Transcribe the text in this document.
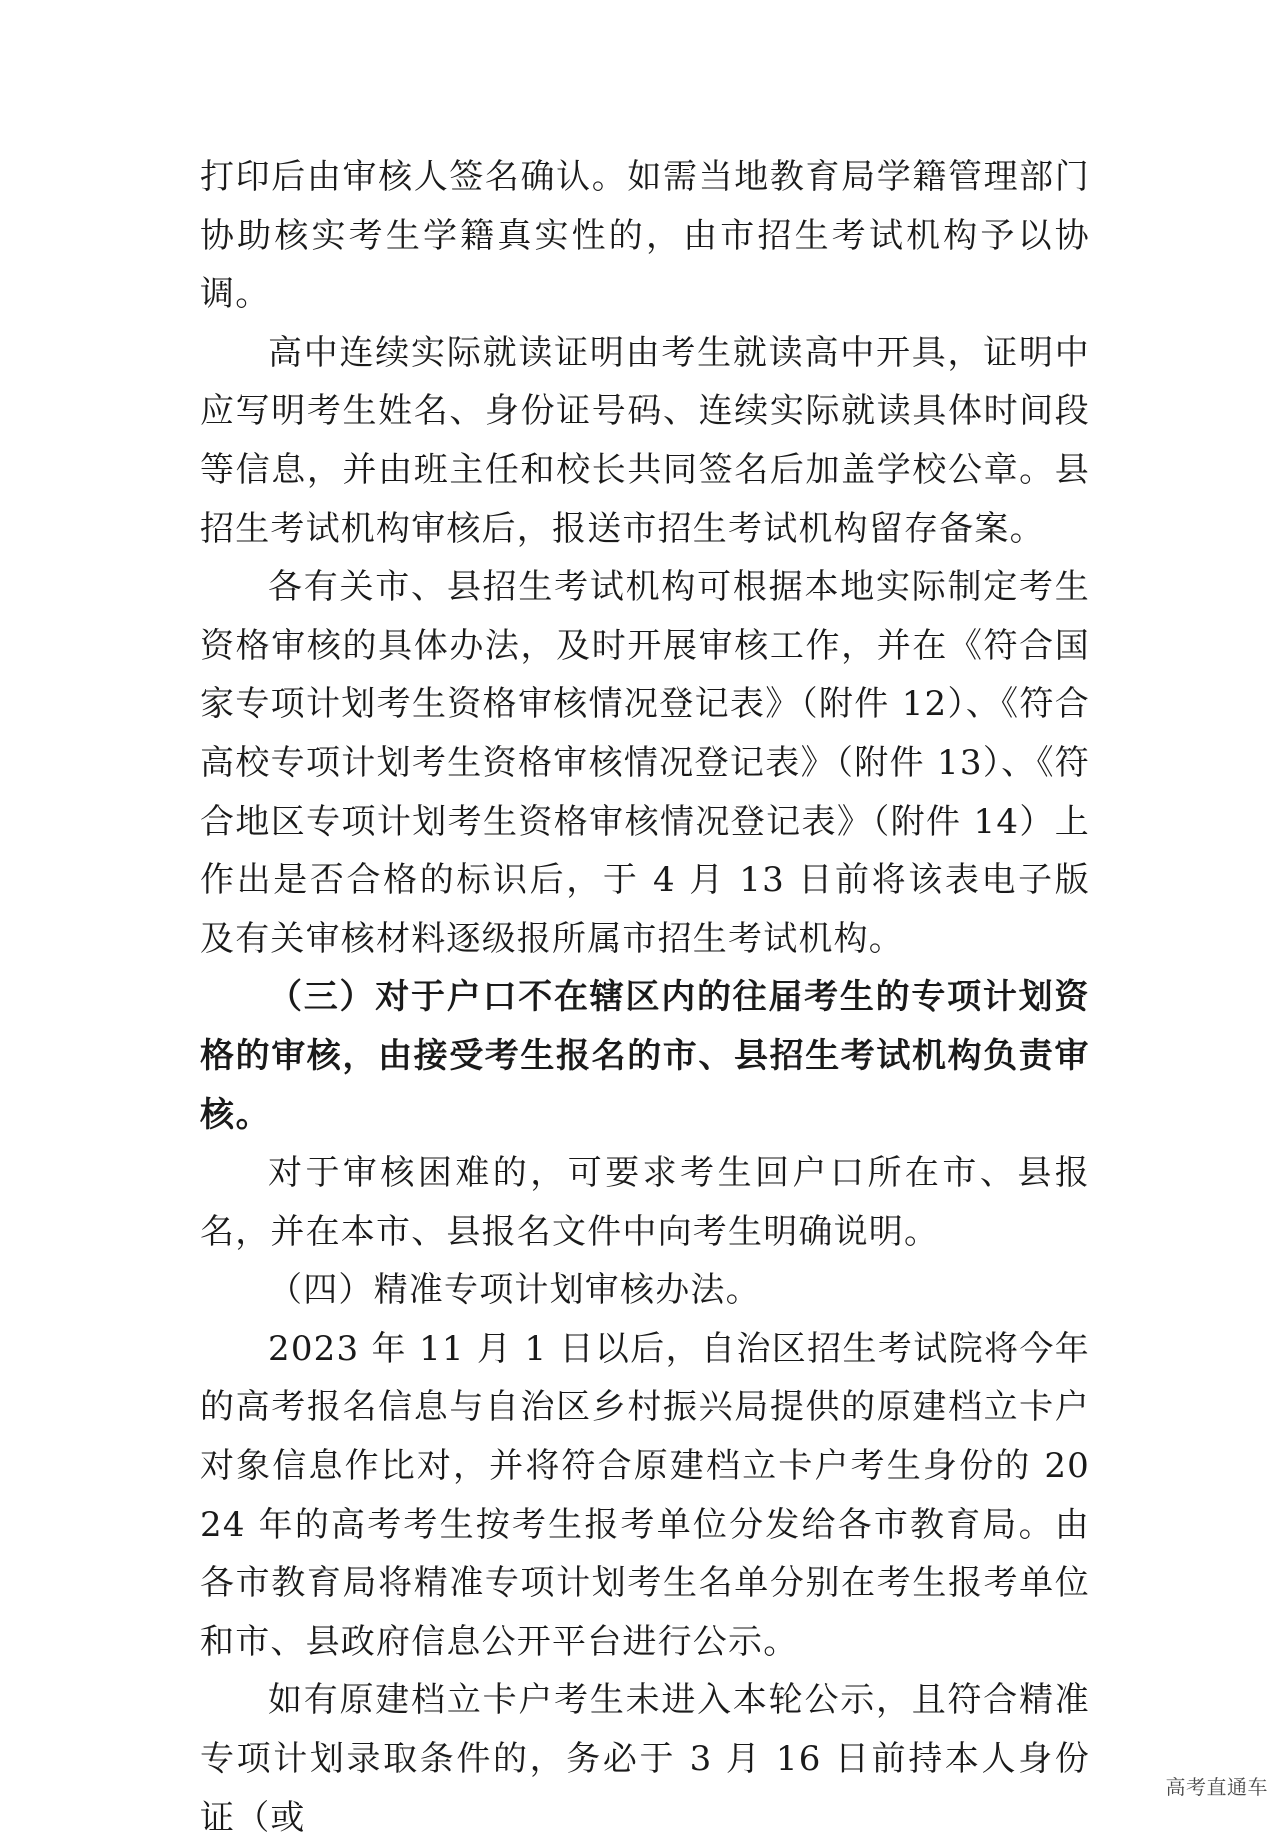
打印后由审核人签名确认。如需当地教育局学籍管理部门协助核实考生学籍真实性的，由市招生考试机构予以协调。

高中连续实际就读证明由考生就读高中开具，证明中应写明考生姓名、身份证号码、连续实际就读具体时间段等信息，并由班主任和校长共同签名后加盖学校公章。县招生考试机构审核后，报送市招生考试机构留存备案。

各有关市、县招生考试机构可根据本地实际制定考生资格审核的具体办法，及时开展审核工作，并在《符合国家专项计划考生资格审核情况登记表》（附件 12）、《符合高校专项计划考生资格审核情况登记表》（附件 13）、《符合地区专项计划考生资格审核情况登记表》（附件 14）上作出是否合格的标识后，于 4 月 13 日前将该表电子版及有关审核材料逐级报所属市招生考试机构。

（三）对于户口不在辖区内的往届考生的专项计划资格的审核，由接受考生报名的市、县招生考试机构负责审核。

对于审核困难的，可要求考生回户口所在市、县报名，并在本市、县报名文件中向考生明确说明。

（四）精准专项计划审核办法。

2023 年 11 月 1 日以后，自治区招生考试院将今年的高考报名信息与自治区乡村振兴局提供的原建档立卡户对象信息作比对，并将符合原建档立卡户考生身份的 2024 年的高考考生按考生报考单位分发给各市教育局。由各市教育局将精准专项计划考生名单分别在考生报考单位和市、县政府信息公开平台进行公示。

如有原建档立卡户考生未进入本轮公示，且符合精准专项计划录取条件的，务必于 3 月 16 日前持本人身份证（或

高考直通车
